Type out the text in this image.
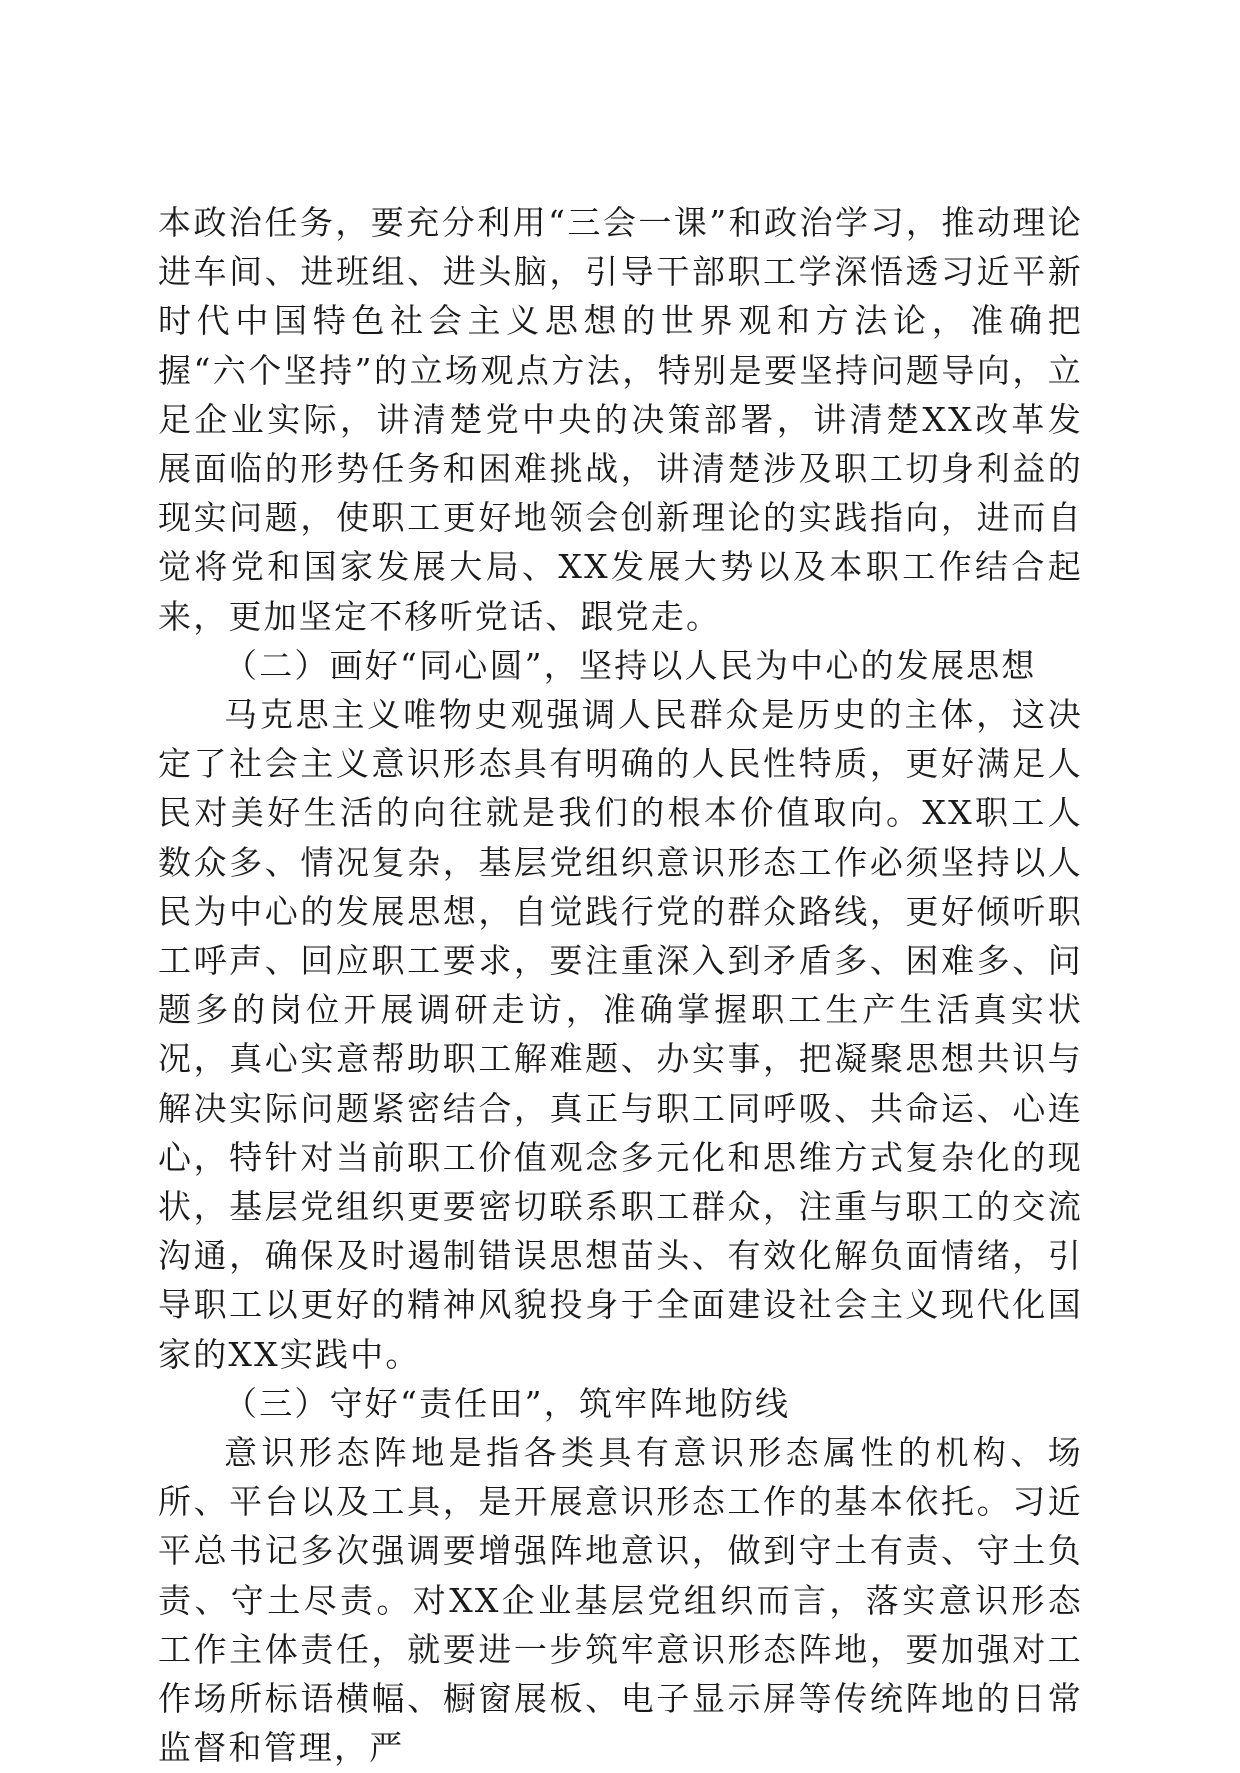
本政治任务，要充分利用“三会一课”和政治学习，推动理论进车间、进班组、进头脑，引导干部职工学深悟透习近平新时代中国特色社会主义思想的世界观和方法论，准确把握“六个坚持”的立场观点方法，特别是要坚持问题导向，立足企业实际，讲清楚党中央的决策部署，讲清楚XX改革发展面临的形势任务和困难挑战，讲清楚涉及职工切身利益的现实问题，使职工更好地领会创新理论的实践指向，进而自觉将党和国家发展大局、XX发展大势以及本职工作结合起来，更加坚定不移听党话、跟党走。

（二）画好“同心圆”，坚持以人民为中心的发展思想

马克思主义唯物史观强调人民群众是历史的主体，这决定了社会主义意识形态具有明确的人民性特质，更好满足人民对美好生活的向往就是我们的根本价值取向。XX职工人数众多、情况复杂，基层党组织意识形态工作必须坚持以人民为中心的发展思想，自觉践行党的群众路线，更好倾听职工呼声、回应职工要求，要注重深入到矛盾多、困难多、问题多的岗位开展调研走访，准确掌握职工生产生活真实状况，真心实意帮助职工解难题、办实事，把凝聚思想共识与解决实际问题紧密结合，真正与职工同呼吸、共命运、心连心，特针对当前职工价值观念多元化和思维方式复杂化的现状，基层党组织更要密切联系职工群众，注重与职工的交流沟通，确保及时遏制错误思想苗头、有效化解负面情绪，引导职工以更好的精神风貌投身于全面建设社会主义现代化国家的XX实践中。

（三）守好“责任田”，筑牢阵地防线

意识形态阵地是指各类具有意识形态属性的机构、场所、平台以及工具，是开展意识形态工作的基本依托。习近平总书记多次强调要增强阵地意识，做到守土有责、守土负责、守土尽责。对XX企业基层党组织而言，落实意识形态工作主体责任，就要进一步筑牢意识形态阵地，要加强对工作场所标语横幅、橱窗展板、电子显示屏等传统阵地的日常监督和管理，严
